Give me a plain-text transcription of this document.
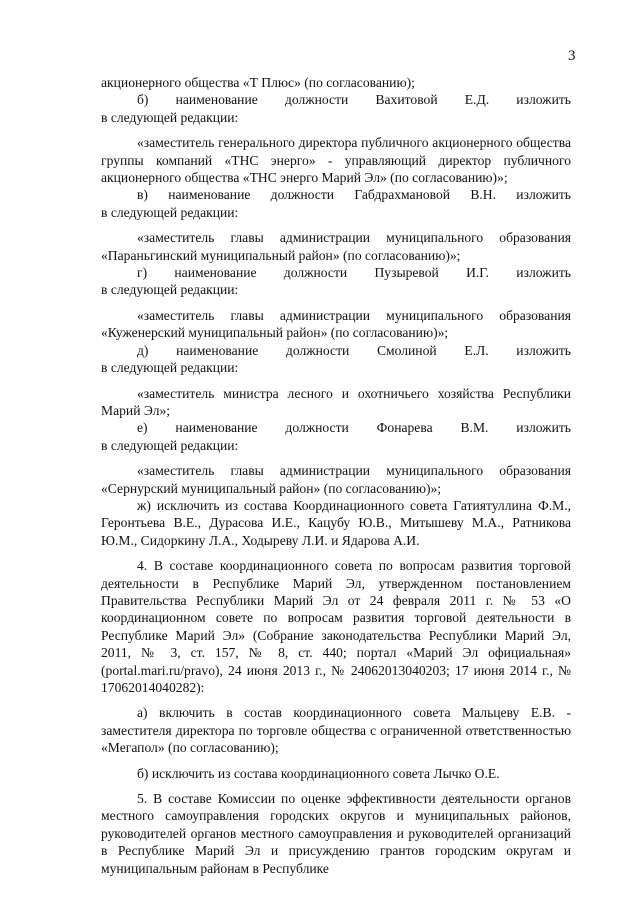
3

акционерного общества «Т Плюс» (по согласованию);

б) наименование должности Вахитовой Е.Д. изложить

в следующей редакции:

«заместитель генерального директора публичного акционерного общества группы компаний «ТНС энерго» - управляющий директор публичного акционерного общества «ТНС энерго Марий Эл» (по согласованию)»;

в) наименование должности Габдрахмановой В.Н. изложить

в следующей редакции:

«заместитель главы администрации муниципального образования «Параньгинский муниципальный район» (по согласованию)»;

г) наименование должности Пузыревой И.Г. изложить

в следующей редакции:

«заместитель главы администрации муниципального образования «Куженерский муниципальный район» (по согласованию)»;

д) наименование должности Смолиной Е.Л. изложить

в следующей редакции:

«заместитель министра лесного и охотничьего хозяйства Республики Марий Эл»;

е) наименование должности Фонарева В.М. изложить

в следующей редакции:

«заместитель главы администрации муниципального образования «Сернурский муниципальный район» (по согласованию)»;

ж) исключить из состава Координационного совета Гатиятуллина Ф.М., Геронтьева В.Е., Дурасова И.Е., Кацубу Ю.В., Митышеву М.А., Ратникова Ю.М., Сидоркину Л.А., Ходыреву Л.И. и Ядарова А.И.

4. В составе координационного совета по вопросам развития торговой деятельности в Республике Марий Эл, утвержденном постановлением Правительства Республики Марий Эл от 24 февраля 2011 г. № 53 «О координационном совете по вопросам развития торговой деятельности в Республике Марий Эл» (Собрание законодательства Республики Марий Эл, 2011, № 3, ст. 157, № 8, ст. 440; портал «Марий Эл официальная» (portal.mari.ru/pravo), 24 июня 2013 г., № 24062013040203; 17 июня 2014 г., № 17062014040282):

а) включить в состав координационного совета Мальцеву Е.В. - заместителя директора по торговле общества с ограниченной ответственностью «Мегапол» (по согласованию);

б) исключить из состава координационного совета Лычко О.Е.

5. В составе Комиссии по оценке эффективности деятельности органов местного самоуправления городских округов и муниципальных районов, руководителей органов местного самоуправления и руководителей организаций в Республике Марий Эл и присуждению грантов городским округам и муниципальным районам в Республике
